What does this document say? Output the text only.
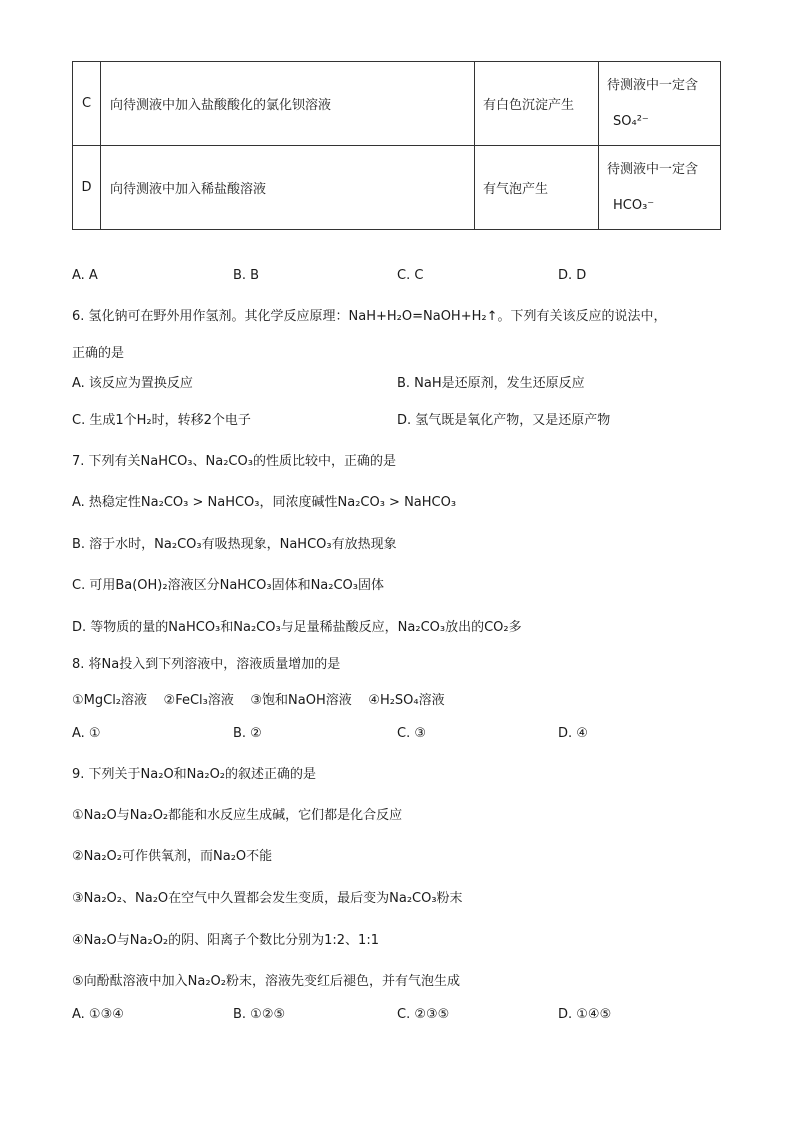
C	向待测液中加入盐酸酸化的氯化钡溶液	有白色沉淀产生	待测液中一定含
SO₄²⁻

D	向待测液中加入稀盐酸溶液	有气泡产生	待测液中一定含
HCO₃⁻
A. A	B. B	C. C	D. D
6. 氢化钠可在野外用作氢剂。其化学反应原理：NaH+H₂O=NaOH+H₂↑。下列有关该反应的说法中，
正确的是
A. 该反应为置换反应	B. NaH是还原剂，发生还原反应
C. 生成1个H₂时，转移2个电子	D. 氢气既是氧化产物，又是还原产物
7. 下列有关NaHCO₃、Na₂CO₃的性质比较中，正确的是
A. 热稳定性Na₂CO₃ > NaHCO₃，同浓度碱性Na₂CO₃ > NaHCO₃
B. 溶于水时，Na₂CO₃有吸热现象，NaHCO₃有放热现象
C. 可用Ba(OH)₂溶液区分NaHCO₃固体和Na₂CO₃固体
D. 等物质的量的NaHCO₃和Na₂CO₃与足量稀盐酸反应，Na₂CO₃放出的CO₂多
8. 将Na投入到下列溶液中，溶液质量增加的是
①MgCl₂溶液    ②FeCl₃溶液    ③饱和NaOH溶液    ④H₂SO₄溶液
A. ①	B. ②	C. ③	D. ④
9. 下列关于Na₂O和Na₂O₂的叙述正确的是
①Na₂O与Na₂O₂都能和水反应生成碱，它们都是化合反应
②Na₂O₂可作供氧剂，而Na₂O不能
③Na₂O₂、Na₂O在空气中久置都会发生变质，最后变为Na₂CO₃粉末
④Na₂O与Na₂O₂的阴、阳离子个数比分别为1:2、1:1
⑤向酚酞溶液中加入Na₂O₂粉末，溶液先变红后褪色，并有气泡生成
A. ①③④	B. ①②⑤	C. ②③⑤	D. ①④⑤
